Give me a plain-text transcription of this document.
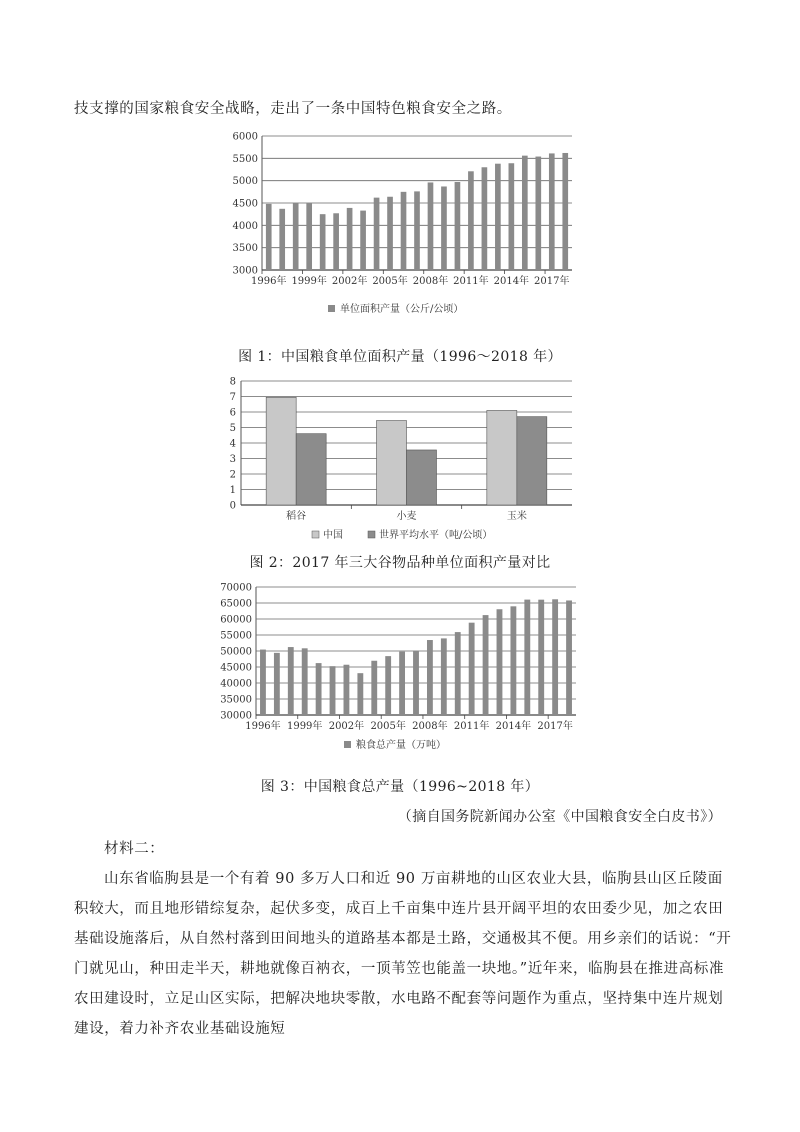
技支撑的国家粮食安全战略，走出了一条中国特色粮食安全之路。

3000
3500
4000
4500
5000
5500
6000
1996年 1999年 2002年 2005年 2008年 2011年 2014年 2017年
单位面积产量（公斤/公顷）
0
1
2
3
4
5
6
7
8
稻谷	小麦	玉米
中国	世界平均水平（吨/公顷）
30000
35000
40000
45000
50000
55000
60000
65000
70000
1996年 1999年 2002年 2005年 2008年 2011年 2014年 2017年
粮食总产量（万吨）
图 1：中国粮食单位面积产量（1996～2018 年）
图 2：2017 年三大谷物品种单位面积产量对比
图 3：中国粮食总产量（1996~2018 年）
（摘自国务院新闻办公室《中国粮食安全白皮书》）

材料二：

山东省临朐县是一个有着 90 多万人口和近 90 万亩耕地的山区农业大县，临朐县山区丘陵面积较大，而且地形错综复杂，起伏多变，成百上千亩集中连片县开阔平坦的农田委少见，加之农田基础设施落后，从自然村落到田间地头的道路基本都是土路，交通极其不便。用乡亲们的话说：“开门就见山，种田走半天，耕地就像百衲衣，一顶苇笠也能盖一块地。”近年来，临朐县在推进高标准农田建设时，立足山区实际，把解决地块零散，水电路不配套等问题作为重点，坚持集中连片规划建设，着力补齐农业基础设施短
